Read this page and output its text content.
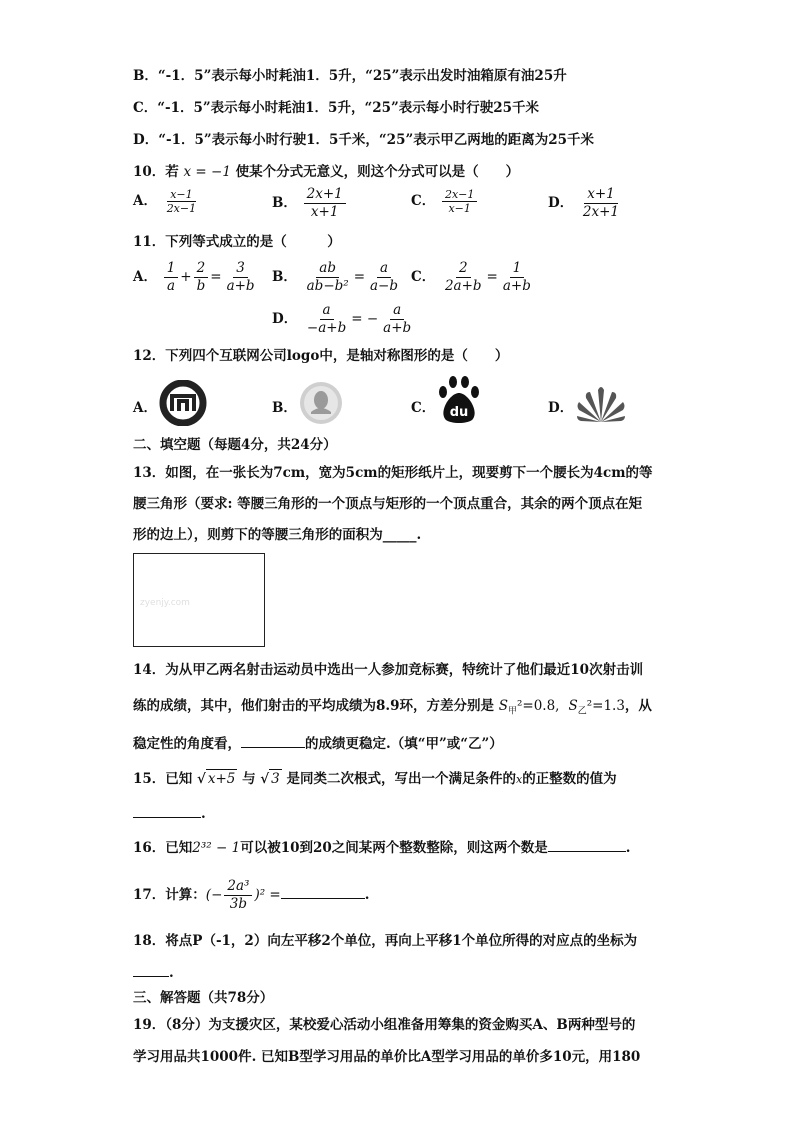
B．“-1．5”表示每小时耗油1．5升，“25”表示出发时油箱原有油25升
C．“-1．5”表示每小时耗油1．5升，“25”表示每小时行驶25千米
D．“-1．5”表示每小时行驶1．5千米，“25”表示甲乙两地的距离为25千米
10．若 x = −1 使某个分式无意义，则这个分式可以是（　　）
A． $\frac{x-1}{2x-1}$	B． $\frac{2x+1}{x+1}$	C． $\frac{2x-1}{x-1}$	D． $\frac{x+1}{2x+1}$
11．下列等式成立的是（　　　）
A． $\frac{1}{a} + \frac{2}{b} = \frac{3}{a+b}$ B． $\frac{ab}{\text{ab−b²}} = \frac{a}{a-b}$ C． $\frac{2}{2a+b} = \frac{1}{a+b}$
D． $\frac{a}{-a+b}$ = − $\frac{a}{a+b}$
12．下列四个互联网公司logo中，是轴对称图形的是（　　）
A．	B．	C． du	D．
二、填空题（每题4分，共24分）
13．如图，在一张长为7cm，宽为5cm的矩形纸片上，现要剪下一个腰长为4cm的等
腰三角形（要求: 等腰三角形的一个顶点与矩形的一个顶点重合，其余的两个顶点在矩
形的边上），则剪下的等腰三角形的面积为_____.
zyenjy.com
14．为从甲乙两名射击运动员中选出一人参加竞标赛，特统计了他们最近10次射击训
练的成绩，其中，他们射击的平均成绩为8.9环，方差分别是 $S_甲^2=0.8$, $S_乙^2=1.3$，从
稳定性的角度看，	的成绩更稳定.（填“甲”或“乙”）
15．已知 √ x+5 与 √ 3 是同类二次根式，写出一个满足条件的x的正整数的值为
.
16．已知2³² − 1可以被10到20之间某两个整数整除，则这两个数是	.
17．计算：(− $\frac{\text{2a³}}{3b} )^2$ =	.
18．将点P（-1，2）向左平移2个单位，再向上平移1个单位所得的对应点的坐标为
.
三、解答题（共78分）
19．（8分）为支援灾区，某校爱心活动小组准备用筹集的资金购买A、B两种型号的
学习用品共1000件. 已知B型学习用品的单价比A型学习用品的单价多10元，用180
